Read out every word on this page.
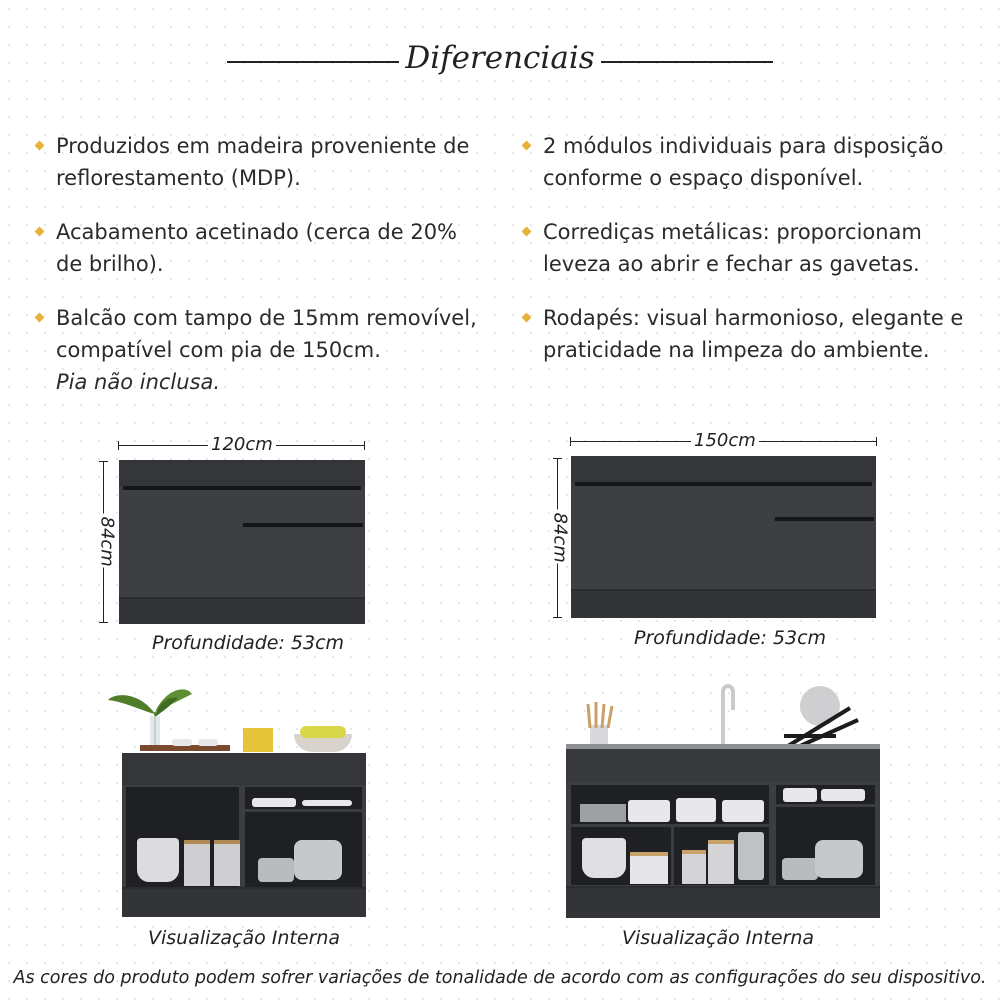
Diferenciais
Produzidos em madeira proveniente de
reflorestamento (MDP).
Acabamento acetinado (cerca de 20%
de brilho).
Balcão com tampo de 15mm removível,
compatível com pia de 150cm.
Pia não inclusa.
2 módulos individuais para disposição
conforme o espaço disponível.
Corrediças metálicas: proporcionam
leveza ao abrir e fechar as gavetas.
Rodapés: visual harmonioso, elegante e
praticidade na limpeza do ambiente.
120cm
84cm
Profundidade: 53cm
150cm
84cm
Profundidade: 53cm
Visualização Interna	Visualização Interna
As cores do produto podem sofrer variações de tonalidade de acordo com as configurações do seu dispositivo.
